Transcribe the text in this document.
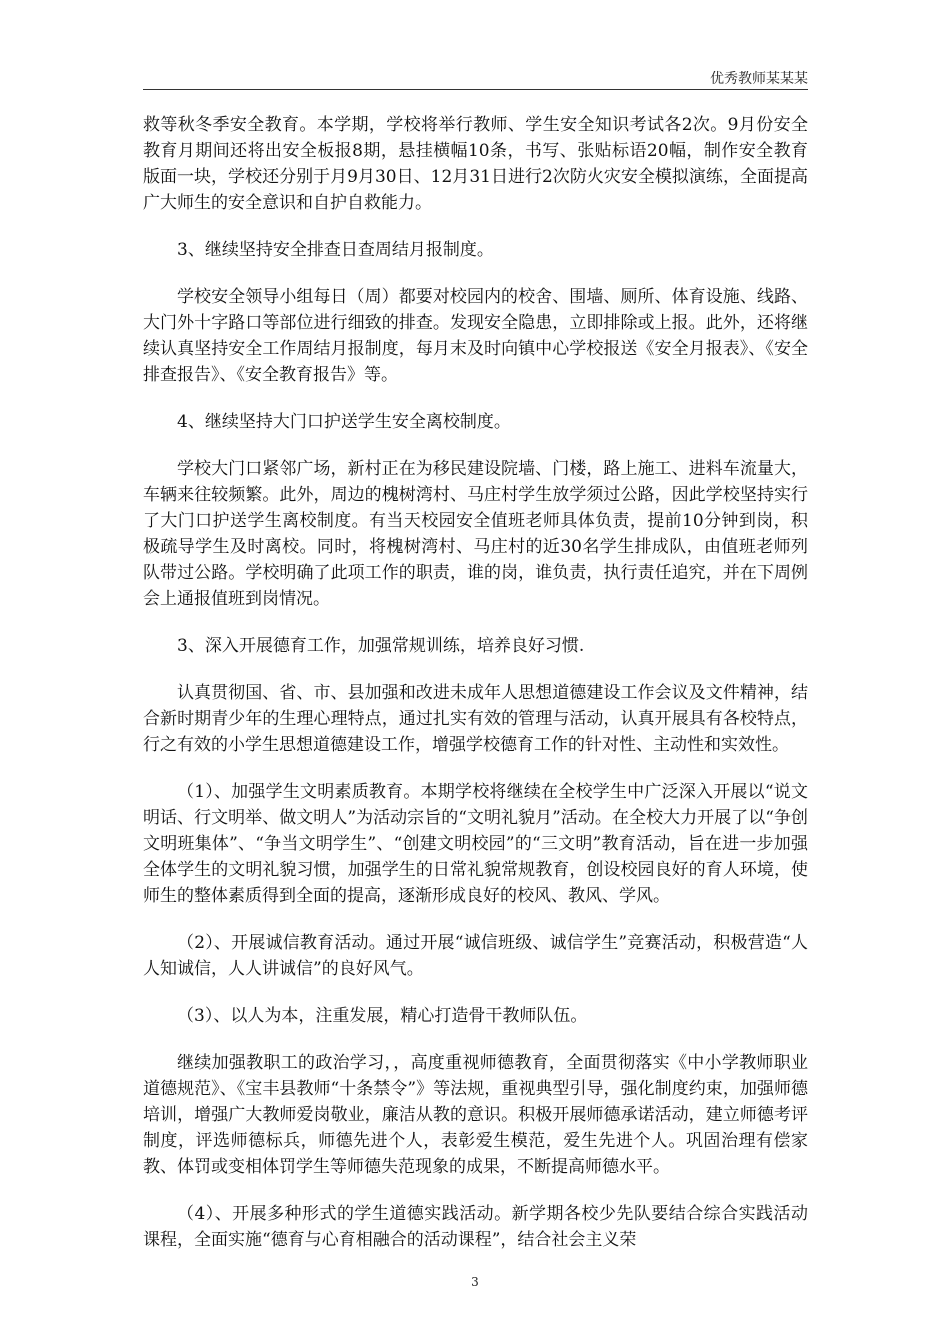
优秀教师某某某

救等秋冬季安全教育。本学期，学校将举行教师、学生安全知识考试各2次。9月份安全教育月期间还将出安全板报8期，悬挂横幅10条，书写、张贴标语20幅，制作安全教育版面一块，学校还分别于月9月30日、12月31日进行2次防火灾安全模拟演练，全面提高广大师生的安全意识和自护自救能力。

3、继续坚持安全排查日查周结月报制度。

学校安全领导小组每日（周）都要对校园内的校舍、围墙、厕所、体育设施、线路、大门外十字路口等部位进行细致的排查。发现安全隐患，立即排除或上报。此外，还将继续认真坚持安全工作周结月报制度，每月末及时向镇中心学校报送《安全月报表》、《安全排查报告》、《安全教育报告》等。

4、继续坚持大门口护送学生安全离校制度。

学校大门口紧邻广场，新村正在为移民建设院墙、门楼，路上施工、进料车流量大，车辆来往较频繁。此外，周边的槐树湾村、马庄村学生放学须过公路，因此学校坚持实行了大门口护送学生离校制度。有当天校园安全值班老师具体负责，提前10分钟到岗，积极疏导学生及时离校。同时，将槐树湾村、马庄村的近30名学生排成队，由值班老师列队带过公路。学校明确了此项工作的职责，谁的岗，谁负责，执行责任追究，并在下周例会上通报值班到岗情况。

3、深入开展德育工作，加强常规训练，培养良好习惯.

认真贯彻国、省、市、县加强和改进未成年人思想道德建设工作会议及文件精神，结合新时期青少年的生理心理特点，通过扎实有效的管理与活动，认真开展具有各校特点，行之有效的小学生思想道德建设工作，增强学校德育工作的针对性、主动性和实效性。

（1）、加强学生文明素质教育。本期学校将继续在全校学生中广泛深入开展以“说文明话、行文明举、做文明人”为活动宗旨的“文明礼貌月”活动。在全校大力开展了以“争创文明班集体”、“争当文明学生”、“创建文明校园”的“三文明”教育活动，旨在进一步加强全体学生的文明礼貌习惯，加强学生的日常礼貌常规教育，创设校园良好的育人环境，使师生的整体素质得到全面的提高，逐渐形成良好的校风、教风、学风。

（2）、开展诚信教育活动。通过开展“诚信班级、诚信学生”竞赛活动，积极营造“人人知诚信，人人讲诚信”的良好风气。

（3）、以人为本，注重发展，精心打造骨干教师队伍。

继续加强教职工的政治学习，，高度重视师德教育，全面贯彻落实《中小学教师职业道德规范》、《宝丰县教师“十条禁令”》等法规，重视典型引导，强化制度约束，加强师德培训，增强广大教师爱岗敬业，廉洁从教的意识。积极开展师德承诺活动，建立师德考评制度，评选师德标兵，师德先进个人，表彰爱生模范，爱生先进个人。巩固治理有偿家教、体罚或变相体罚学生等师德失范现象的成果，不断提高师德水平。

（4）、开展多种形式的学生道德实践活动。新学期各校少先队要结合综合实践活动课程，全面实施“德育与心育相融合的活动课程”，结合社会主义荣

3
